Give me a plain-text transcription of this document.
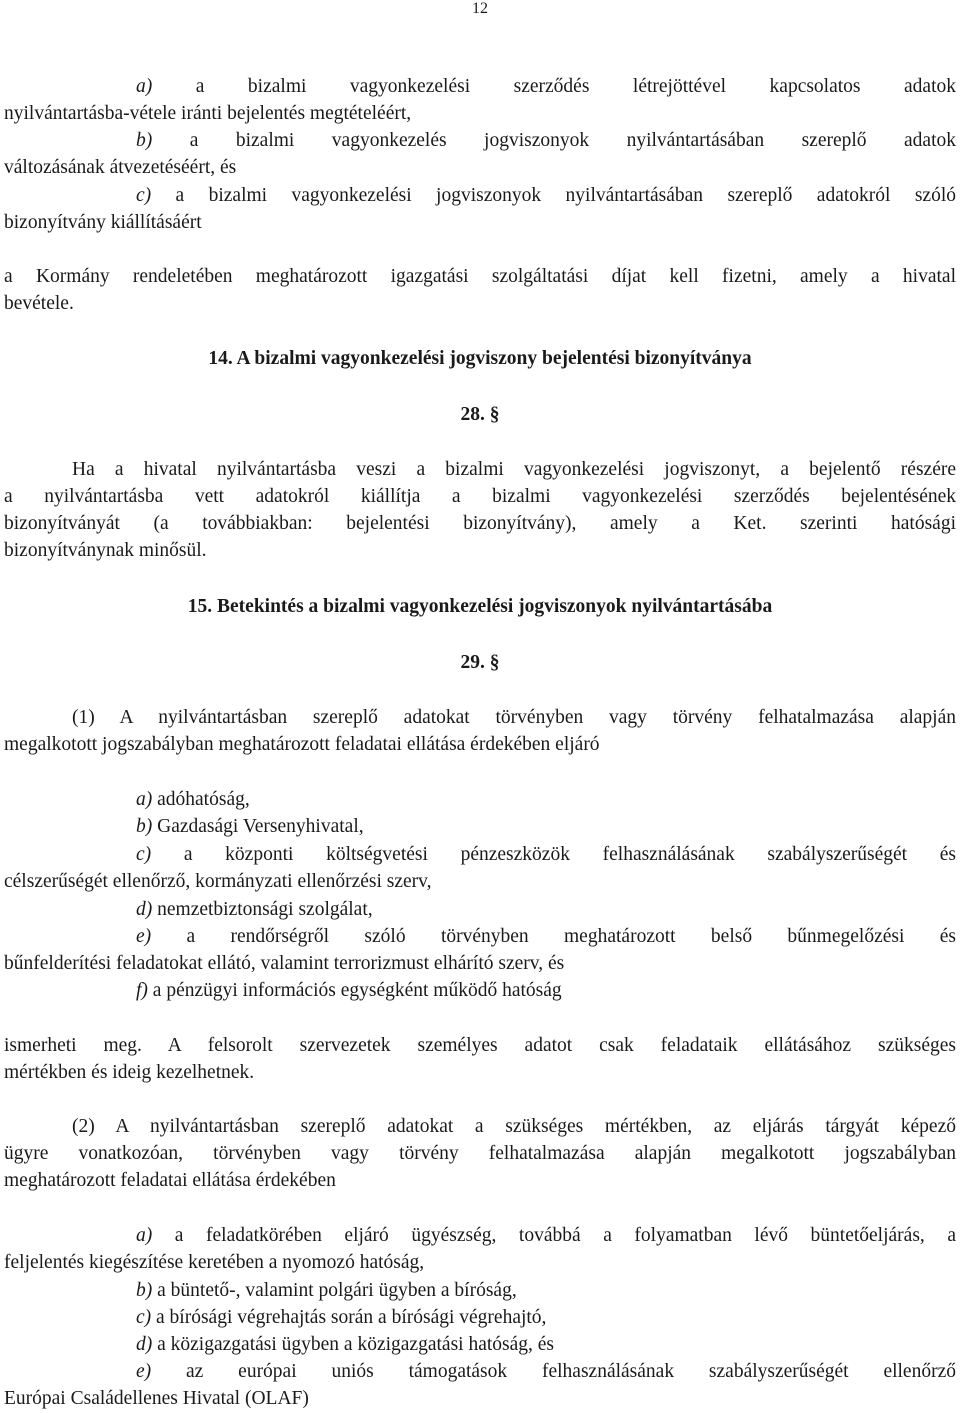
12
a) a bizalmi vagyonkezelési szerződés létrejöttével kapcsolatos adatok
nyilvántartásba-vétele iránti bejelentés megtételéért,
b) a bizalmi vagyonkezelés jogviszonyok nyilvántartásában szereplő adatok
változásának átvezetéséért, és
c) a bizalmi vagyonkezelési jogviszonyok nyilvántartásában szereplő adatokról szóló
bizonyítvány kiállításáért
a Kormány rendeletében meghatározott igazgatási szolgáltatási díjat kell fizetni, amely a hivatal
bevétele.
14. A bizalmi vagyonkezelési jogviszony bejelentési bizonyítványa
28. §
Ha a hivatal nyilvántartásba veszi a bizalmi vagyonkezelési jogviszonyt, a bejelentő részére
a nyilvántartásba vett adatokról kiállítja a bizalmi vagyonkezelési szerződés bejelentésének
bizonyítványát (a továbbiakban: bejelentési bizonyítvány), amely a Ket. szerinti hatósági
bizonyítványnak minősül.
15. Betekintés a bizalmi vagyonkezelési jogviszonyok nyilvántartásába
29. §
(1) A nyilvántartásban szereplő adatokat törvényben vagy törvény felhatalmazása alapján
megalkotott jogszabályban meghatározott feladatai ellátása érdekében eljáró
a) adóhatóság,
b) Gazdasági Versenyhivatal,
c) a központi költségvetési pénzeszközök felhasználásának szabályszerűségét és
célszerűségét ellenőrző, kormányzati ellenőrzési szerv,
d) nemzetbiztonsági szolgálat,
e) a rendőrségről szóló törvényben meghatározott belső bűnmegelőzési és
bűnfelderítési feladatokat ellátó, valamint terrorizmust elhárító szerv, és
f) a pénzügyi információs egységként működő hatóság
ismerheti meg. A felsorolt szervezetek személyes adatot csak feladataik ellátásához szükséges
mértékben és ideig kezelhetnek.
(2) A nyilvántartásban szereplő adatokat a szükséges mértékben, az eljárás tárgyát képező
ügyre vonatkozóan, törvényben vagy törvény felhatalmazása alapján megalkotott jogszabályban
meghatározott feladatai ellátása érdekében
a) a feladatkörében eljáró ügyészség, továbbá a folyamatban lévő büntetőeljárás, a
feljelentés kiegészítése keretében a nyomozó hatóság,
b) a büntető-, valamint polgári ügyben a bíróság,
c) a bírósági végrehajtás során a bírósági végrehajtó,
d) a közigazgatási ügyben a közigazgatási hatóság, és
e) az európai uniós támogatások felhasználásának szabályszerűségét ellenőrző
Európai Családellenes Hivatal (OLAF)
